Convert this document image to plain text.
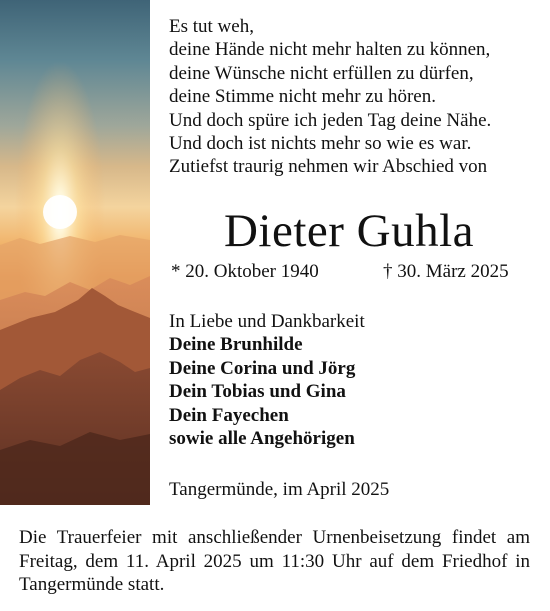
Es tut weh,
deine Hände nicht mehr halten zu können,
deine Wünsche nicht erfüllen zu dürfen,
deine Stimme nicht mehr zu hören.
Und doch spüre ich jeden Tag deine Nähe.
Und doch ist nichts mehr so wie es war.
Zutiefst traurig nehmen wir Abschied von
Dieter Guhla
* 20. Oktober 1940	† 30. März 2025
In Liebe und Dankbarkeit
Deine Brunhilde
Deine Corina und Jörg
Dein Tobias und Gina
Dein Fayechen
sowie alle Angehörigen
Tangermünde, im April 2025
Die Trauerfeier mit anschließender Urnenbeisetzung findet am Freitag, dem 11. April 2025 um 11:30 Uhr auf dem Friedhof in Tangermünde statt.
